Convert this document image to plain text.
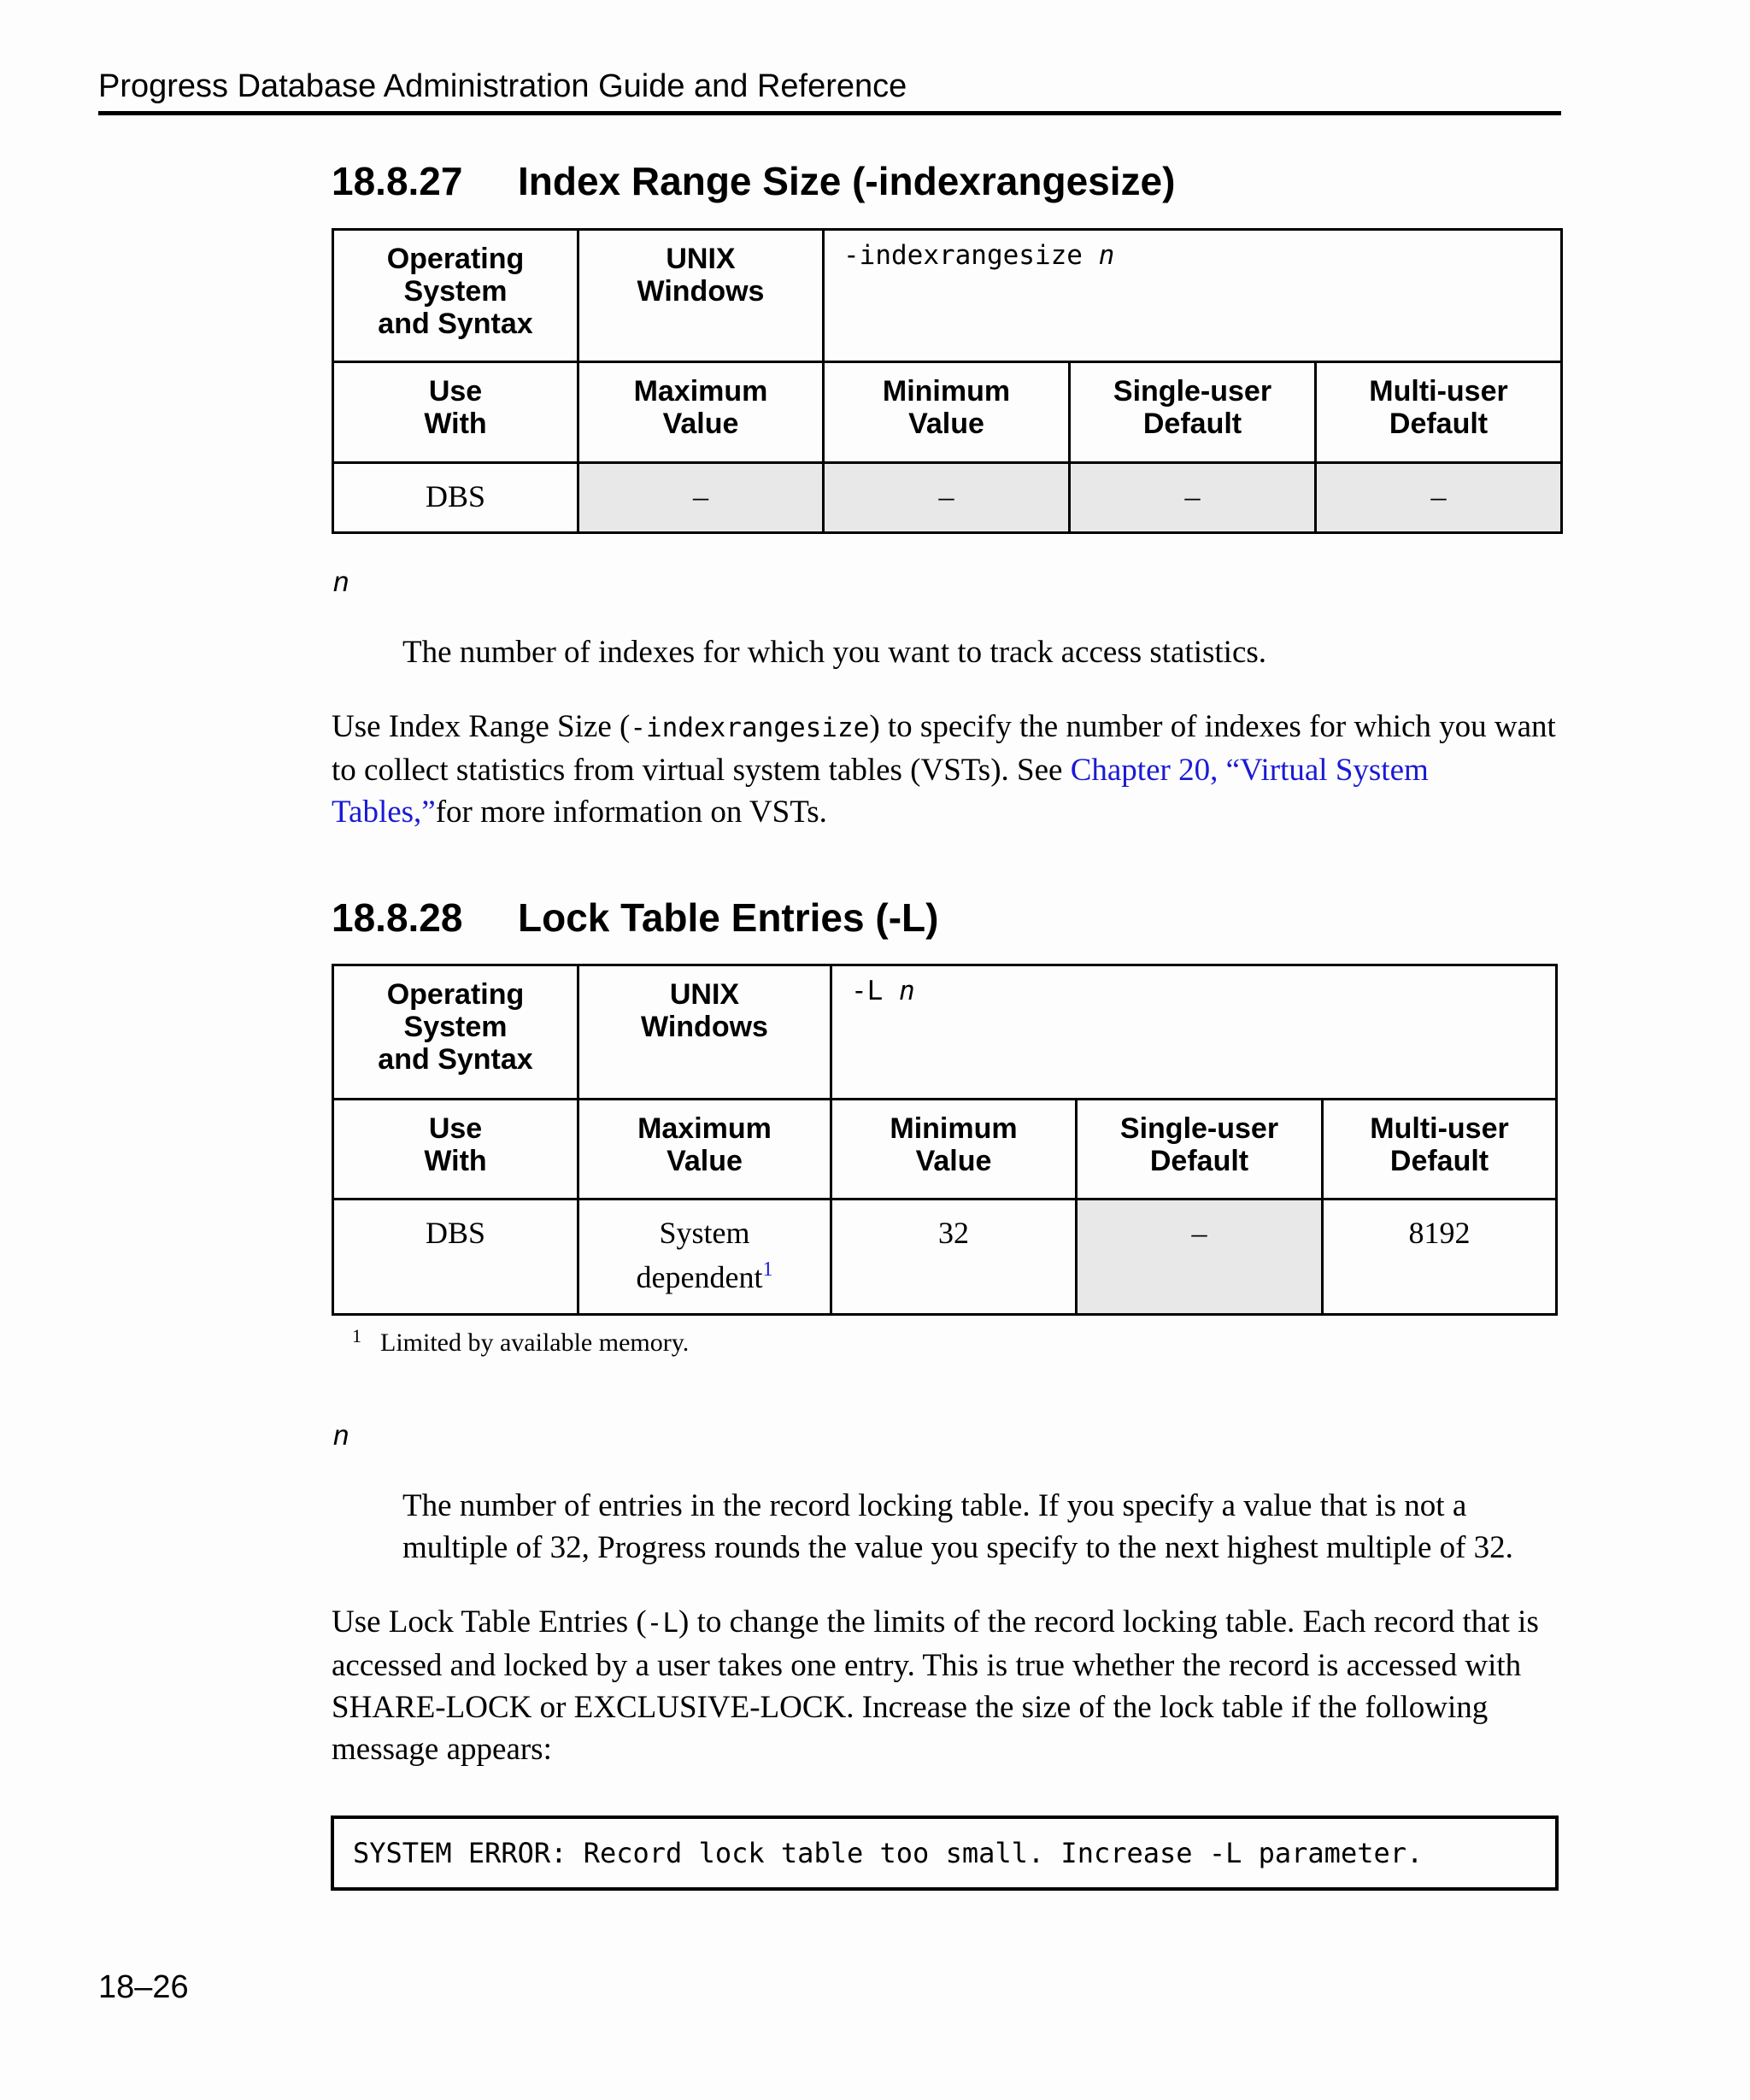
Progress Database Administration Guide and Reference
18.8.27 Index Range Size (-indexrangesize)
Operating
System
and Syntax	UNIX
Windows	-indexrangesize n		

Use
With	Maximum
Value	Minimum
Value	Single-user
Default	Multi-user
Default

DBS	–	–	–	–
n
The number of indexes for which you want to track access statistics.
Use Index Range Size (-indexrangesize) to specify the number of indexes for which you want to collect statistics from virtual system tables (VSTs). See Chapter 20, “Virtual System Tables,”for more information on VSTs.
18.8.28 Lock Table Entries (-L)
Operating
System
and Syntax	UNIX
Windows	-L n		

Use
With	Maximum
Value	Minimum
Value	Single-user
Default	Multi-user
Default

DBS	System
dependent$^1$	32	–	8192
$^1$ Limited by available memory.
n
The number of entries in the record locking table. If you specify a value that is not a multiple of 32, Progress rounds the value you specify to the next highest multiple of 32.
Use Lock Table Entries (-L) to change the limits of the record locking table. Each record that is accessed and locked by a user takes one entry. This is true whether the record is accessed with SHARE-LOCK or EXCLUSIVE-LOCK. Increase the size of the lock table if the following message appears:
SYSTEM ERROR: Record lock table too small. Increase -L parameter.
18–26
